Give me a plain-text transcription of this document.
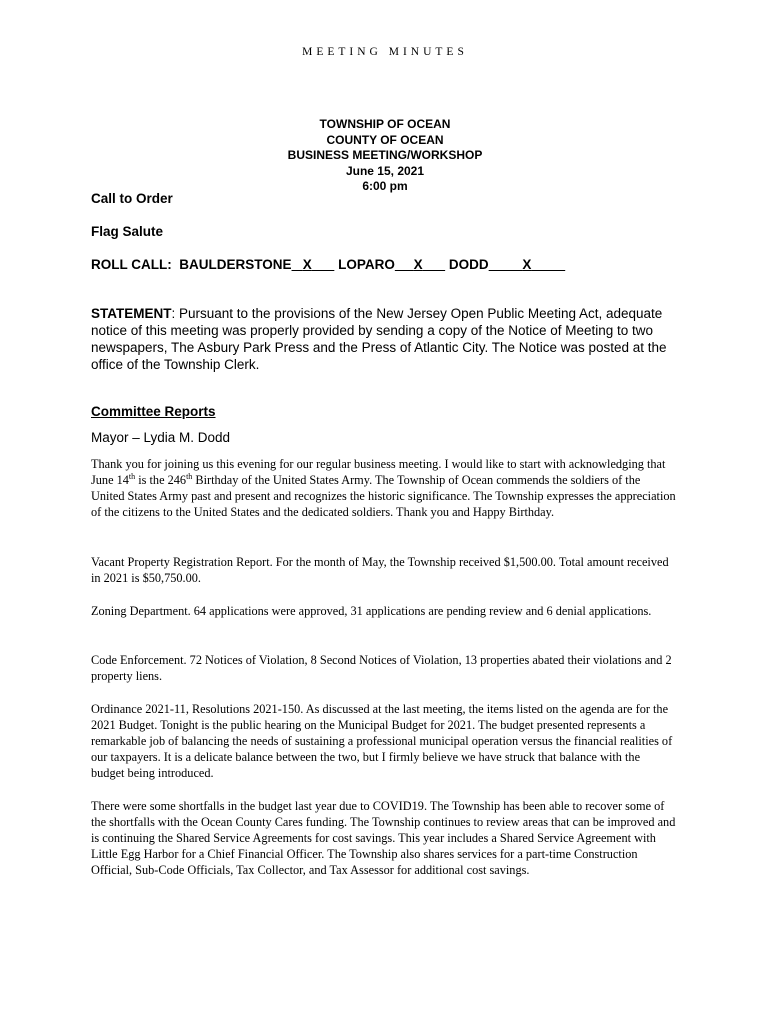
MEETING MINUTES
TOWNSHIP OF OCEAN
COUNTY OF OCEAN
BUSINESS MEETING/WORKSHOP
June 15, 2021
6:00 pm
Call to Order
Flag Salute
ROLL CALL: BAULDERSTONE X LOPARO X DODD	X
STATEMENT: Pursuant to the provisions of the New Jersey Open Public Meeting Act, adequate notice of this meeting was properly provided by sending a copy of the Notice of Meeting to two newspapers, The Asbury Park Press and the Press of Atlantic City. The Notice was posted at the office of the Township Clerk.
Committee Reports
Mayor – Lydia M. Dodd
Thank you for joining us this evening for our regular business meeting. I would like to start with acknowledging that June 14th is the 246th Birthday of the United States Army. The Township of Ocean commends the soldiers of the United States Army past and present and recognizes the historic significance. The Township expresses the appreciation of the citizens to the United States and the dedicated soldiers. Thank you and Happy Birthday.
Vacant Property Registration Report. For the month of May, the Township received $1,500.00. Total amount received in 2021 is $50,750.00.
Zoning Department. 64 applications were approved, 31 applications are pending review and 6 denial applications.
Code Enforcement. 72 Notices of Violation, 8 Second Notices of Violation, 13 properties abated their violations and 2 property liens.
Ordinance 2021-11, Resolutions 2021-150. As discussed at the last meeting, the items listed on the agenda are for the 2021 Budget. Tonight is the public hearing on the Municipal Budget for 2021. The budget presented represents a remarkable job of balancing the needs of sustaining a professional municipal operation versus the financial realities of our taxpayers. It is a delicate balance between the two, but I firmly believe we have struck that balance with the budget being introduced.
There were some shortfalls in the budget last year due to COVID19. The Township has been able to recover some of the shortfalls with the Ocean County Cares funding. The Township continues to review areas that can be improved and is continuing the Shared Service Agreements for cost savings. This year includes a Shared Service Agreement with Little Egg Harbor for a Chief Financial Officer. The Township also shares services for a part-time Construction Official, Sub-Code Officials, Tax Collector, and Tax Assessor for additional cost savings.
